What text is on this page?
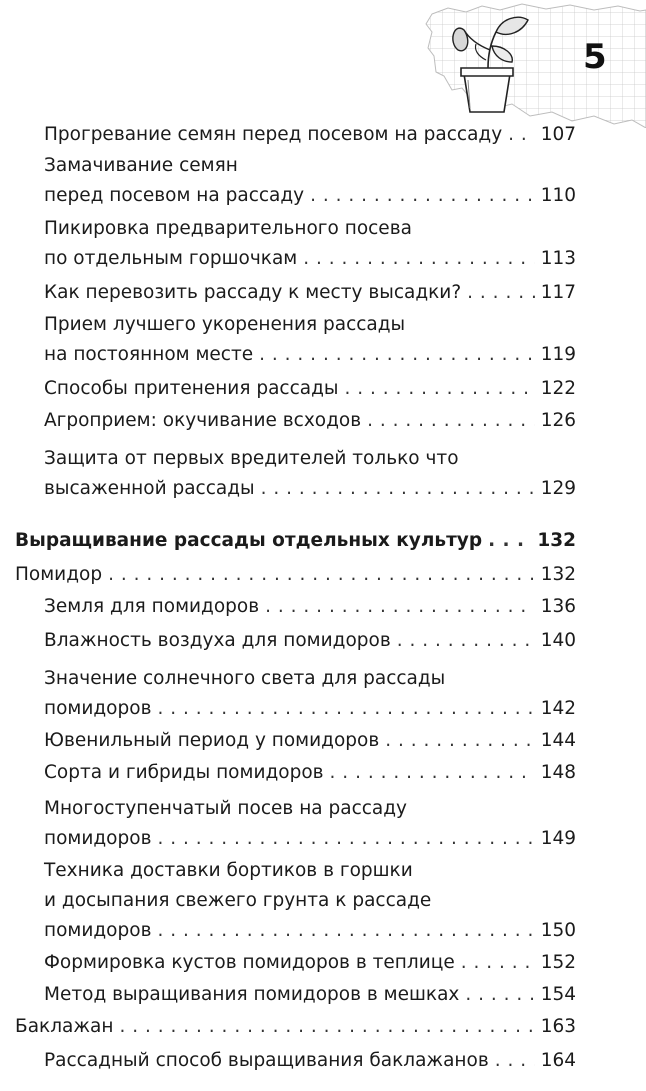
5
Прогревание семян перед посевом на рассаду . . . 107
Замачивание семян
перед посевом на рассаду . . .	110
Пикировка предварительного посева
по отдельным горшочкам . . .	113
Как перевозить рассаду к месту высадки? . . .	117
Прием лучшего укоренения рассады
на постоянном месте . . .	119
Способы притенения рассады . . .	122
Агроприем: окучивание всходов . . .	126
Защита от первых вредителей только что
высаженной рассады . . .	129
Выращивание рассады отдельных культур . . .	132
Помидор . . .	132
Земля для помидоров . . .	136
Влажность воздуха для помидоров . . .	140
Значение солнечного света для рассады
помидоров . . .	142
Ювенильный период у помидоров . . .	144
Сорта и гибриды помидоров . . .	148
Многоступенчатый посев на рассаду
помидоров . . .	149
Техника доставки бортиков в горшки
и досыпания свежего грунта к рассаде
помидоров . . .	150
Формировка кустов помидоров в теплице . . .	152
Метод выращивания помидоров в мешках . . .	154
Баклажан . . .	163
Рассадный способ выращивания баклажанов . . .	164
